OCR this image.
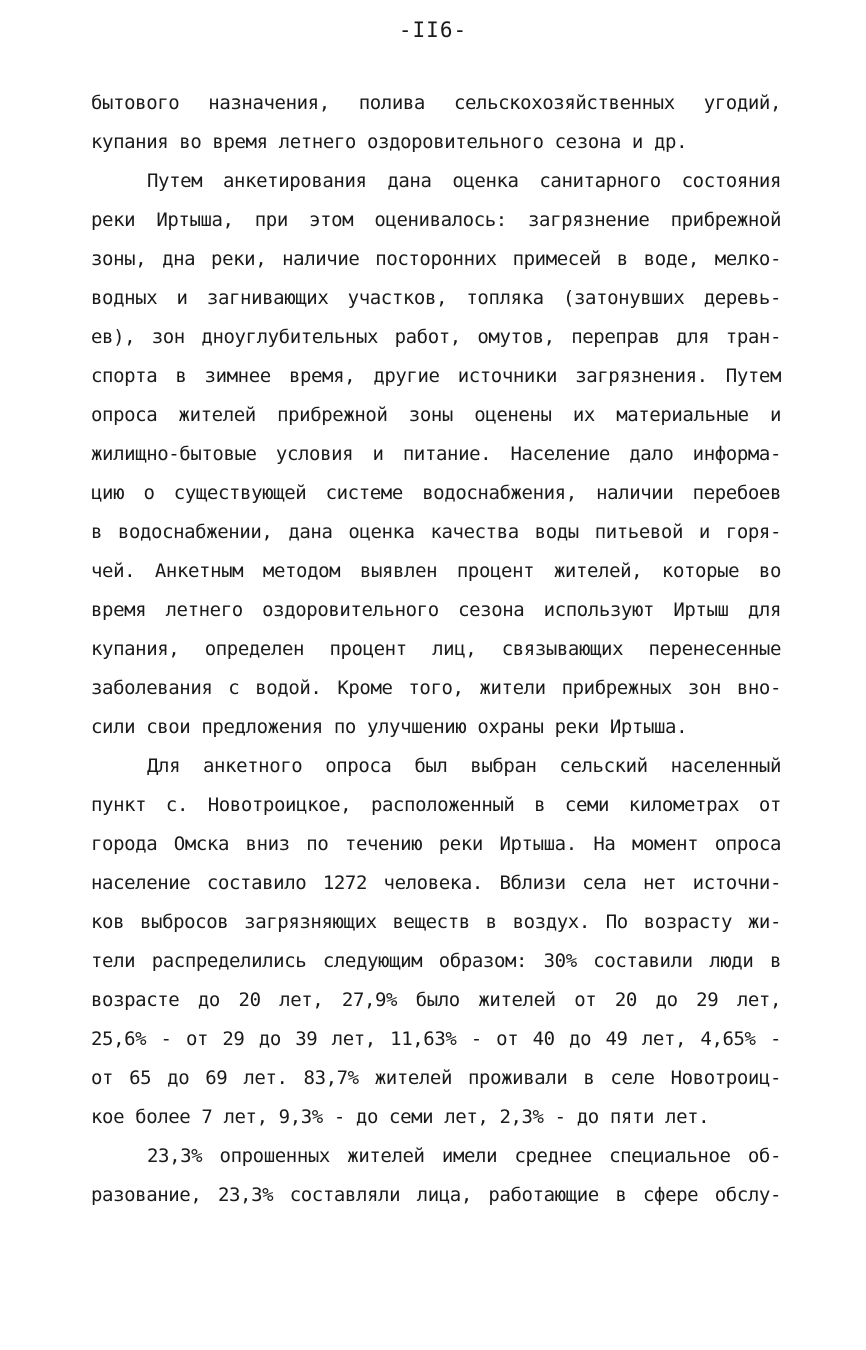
-II6-
бытового назначения, полива сельскохозяйственных угодий,
купания во время летнего оздоровительного сезона и др.
Путем анкетирования дана оценка санитарного состояния
реки Иртыша, при этом оценивалось: загрязнение прибрежной
зоны, дна реки, наличие посторонних примесей в воде, мелко-
водных и загнивающих участков, топляка (затонувших деревь-
ев), зон дноуглубительных работ, омутов, переправ для тран-
спорта в зимнее время, другие источники загрязнения. Путем
опроса жителей прибрежной зоны оценены их материальные и
жилищно-бытовые условия и питание. Население дало информа-
цию о существующей системе водоснабжения, наличии перебоев
в водоснабжении, дана оценка качества воды питьевой и горя-
чей. Анкетным методом выявлен процент жителей, которые во
время летнего оздоровительного сезона используют Иртыш для
купания, определен процент лиц, связывающих перенесенные
заболевания с водой. Кроме того, жители прибрежных зон вно-
сили свои предложения по улучшению охраны реки Иртыша.
Для анкетного опроса был выбран сельский населенный
пункт с. Новотроицкое, расположенный в семи километрах от
города Омска вниз по течению реки Иртыша. На момент опроса
население составило 1272 человека. Вблизи села нет источни-
ков выбросов загрязняющих веществ в воздух. По возрасту жи-
тели распределились следующим образом: 30% составили люди в
возрасте до 20 лет, 27,9% было жителей от 20 до 29 лет,
25,6% - от 29 до 39 лет, 11,63% - от 40 до 49 лет, 4,65% -
от 65 до 69 лет. 83,7% жителей проживали в селе Новотроиц-
кое более 7 лет, 9,3% - до семи лет, 2,3% - до пяти лет.
23,3% опрошенных жителей имели среднее специальное об-
разование, 23,3% составляли лица, работающие в сфере обслу-
